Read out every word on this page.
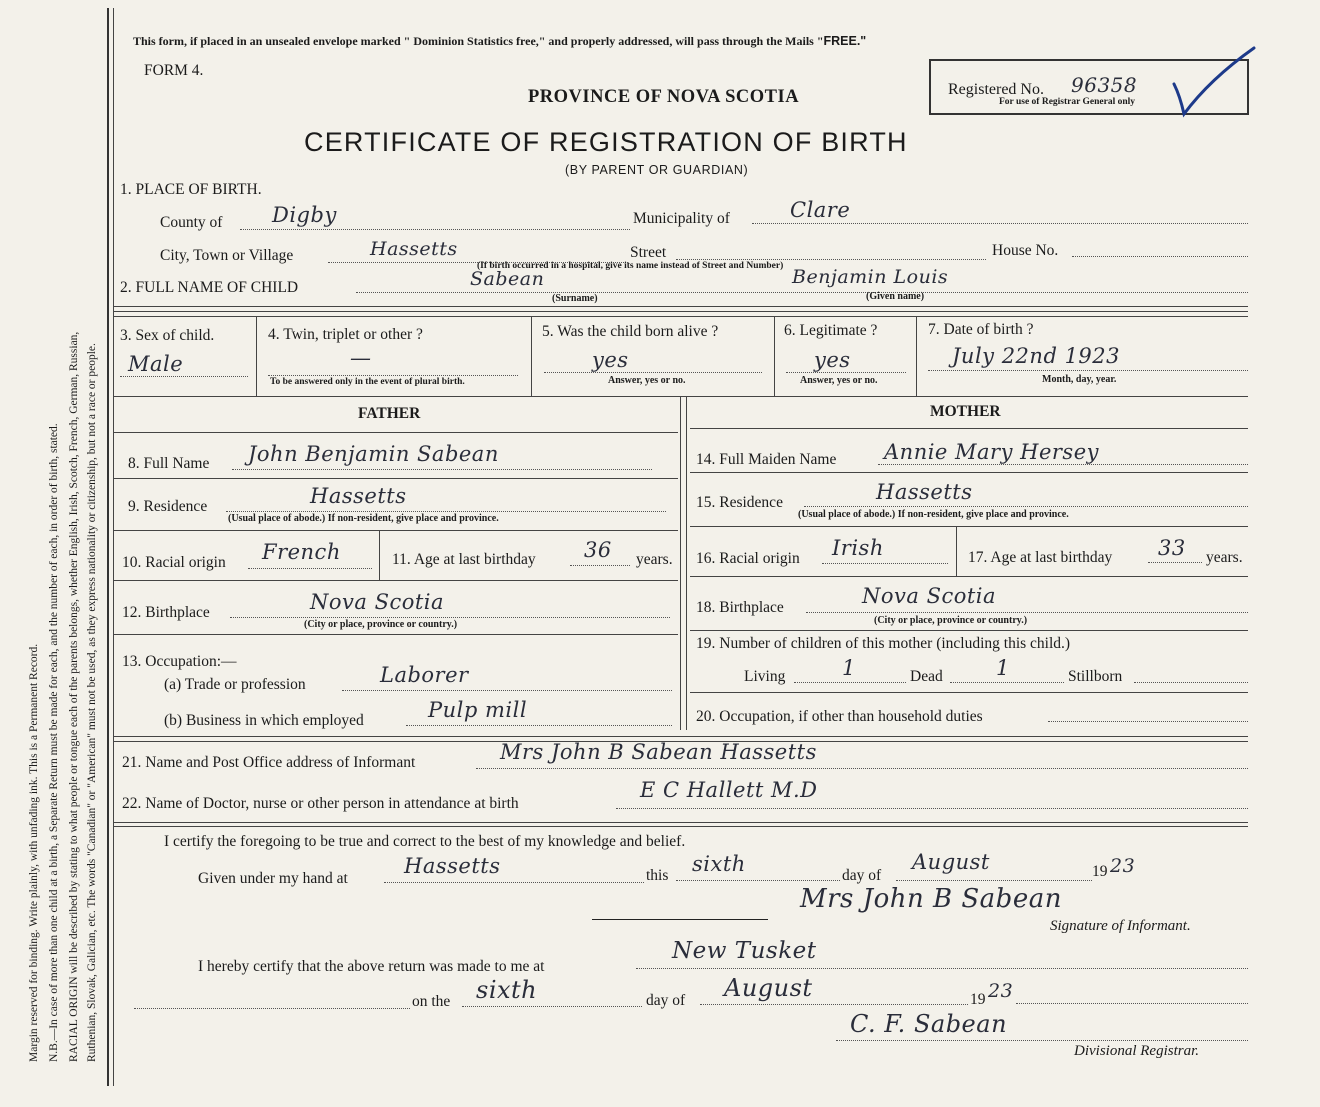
Margin reserved for binding. Write plainly, with unfading ink. This is a Permanent Record. N.B.—In case of more than one child at a birth, a Separate Return must be made for each, and the number of each, in order of birth, stated. RACIAL ORIGIN will be described by stating to what people or tongue each of the parents belongs, whether English, Irish, Scotch, French, German, Russian, Ruthenian, Slovak, Galician, etc. The words "Canadian" or "American" must not be used, as they express nationality or citizenship, but not a race or people.
This form, if placed in an unsealed envelope marked " Dominion Statistics free," and properly addressed, will pass through the Mails "FREE."
FORM 4.
PROVINCE OF NOVA SCOTIA
CERTIFICATE OF REGISTRATION OF BIRTH
(BY PARENT OR GUARDIAN)
Registered No. 96358
For use of Registrar General only
1. PLACE OF BIRTH.
County of Digby	Municipality of	Clare
City, Town or Village	Hassetts	Street	House No.
(If birth occurred in a hospital, give its name instead of Street and Number)
2. FULL NAME OF CHILD	Sabean
(Surname)
Benjamin Louis
(Given name)
3. Sex of child.
Male
4. Twin, triplet or other ?
—
To be answered only in the event of plural birth.
5. Was the child born alive ?
yes
Answer, yes or no.
6. Legitimate ?
yes
Answer, yes or no.
7. Date of birth ?
July 22nd 1923
Month, day, year.
FATHER
8. Full Name John Benjamin Sabean
9. Residence	Hassetts
(Usual place of abode.) If non-resident, give place and province.
10. Racial origin French	11. Age at last birthday 36 years.
12. Birthplace	Nova Scotia
(City or place, province or country.)
13. Occupation:—
(a) Trade or profession	Laborer
(b) Business in which employed	Pulp mill
MOTHER
14. Full Maiden Name Annie Mary Hersey
15. Residence	Hassetts
(Usual place of abode.) If non-resident, give place and province.
16. Racial origin Irish	17. Age at last birthday 33 years.
18. Birthplace	Nova Scotia
(City or place, province or country.)
19. Number of children of this mother (including this child.)
Living	1	Dead	1	Stillborn
20. Occupation, if other than household duties
21. Name and Post Office address of Informant	Mrs John B Sabean Hassetts
22. Name of Doctor, nurse or other person in attendance at birth
E C Hallett M.D
I certify the foregoing to be true and correct to the best of my knowledge and belief.
Given under my hand at
Hassetts	this sixth	day of
August	19 23
Mrs John B Sabean
Signature of Informant.
I hereby certify that the above return was made to me at
New Tusket
on the sixth	day of August	19 23
C. F. Sabean
Divisional Registrar.
